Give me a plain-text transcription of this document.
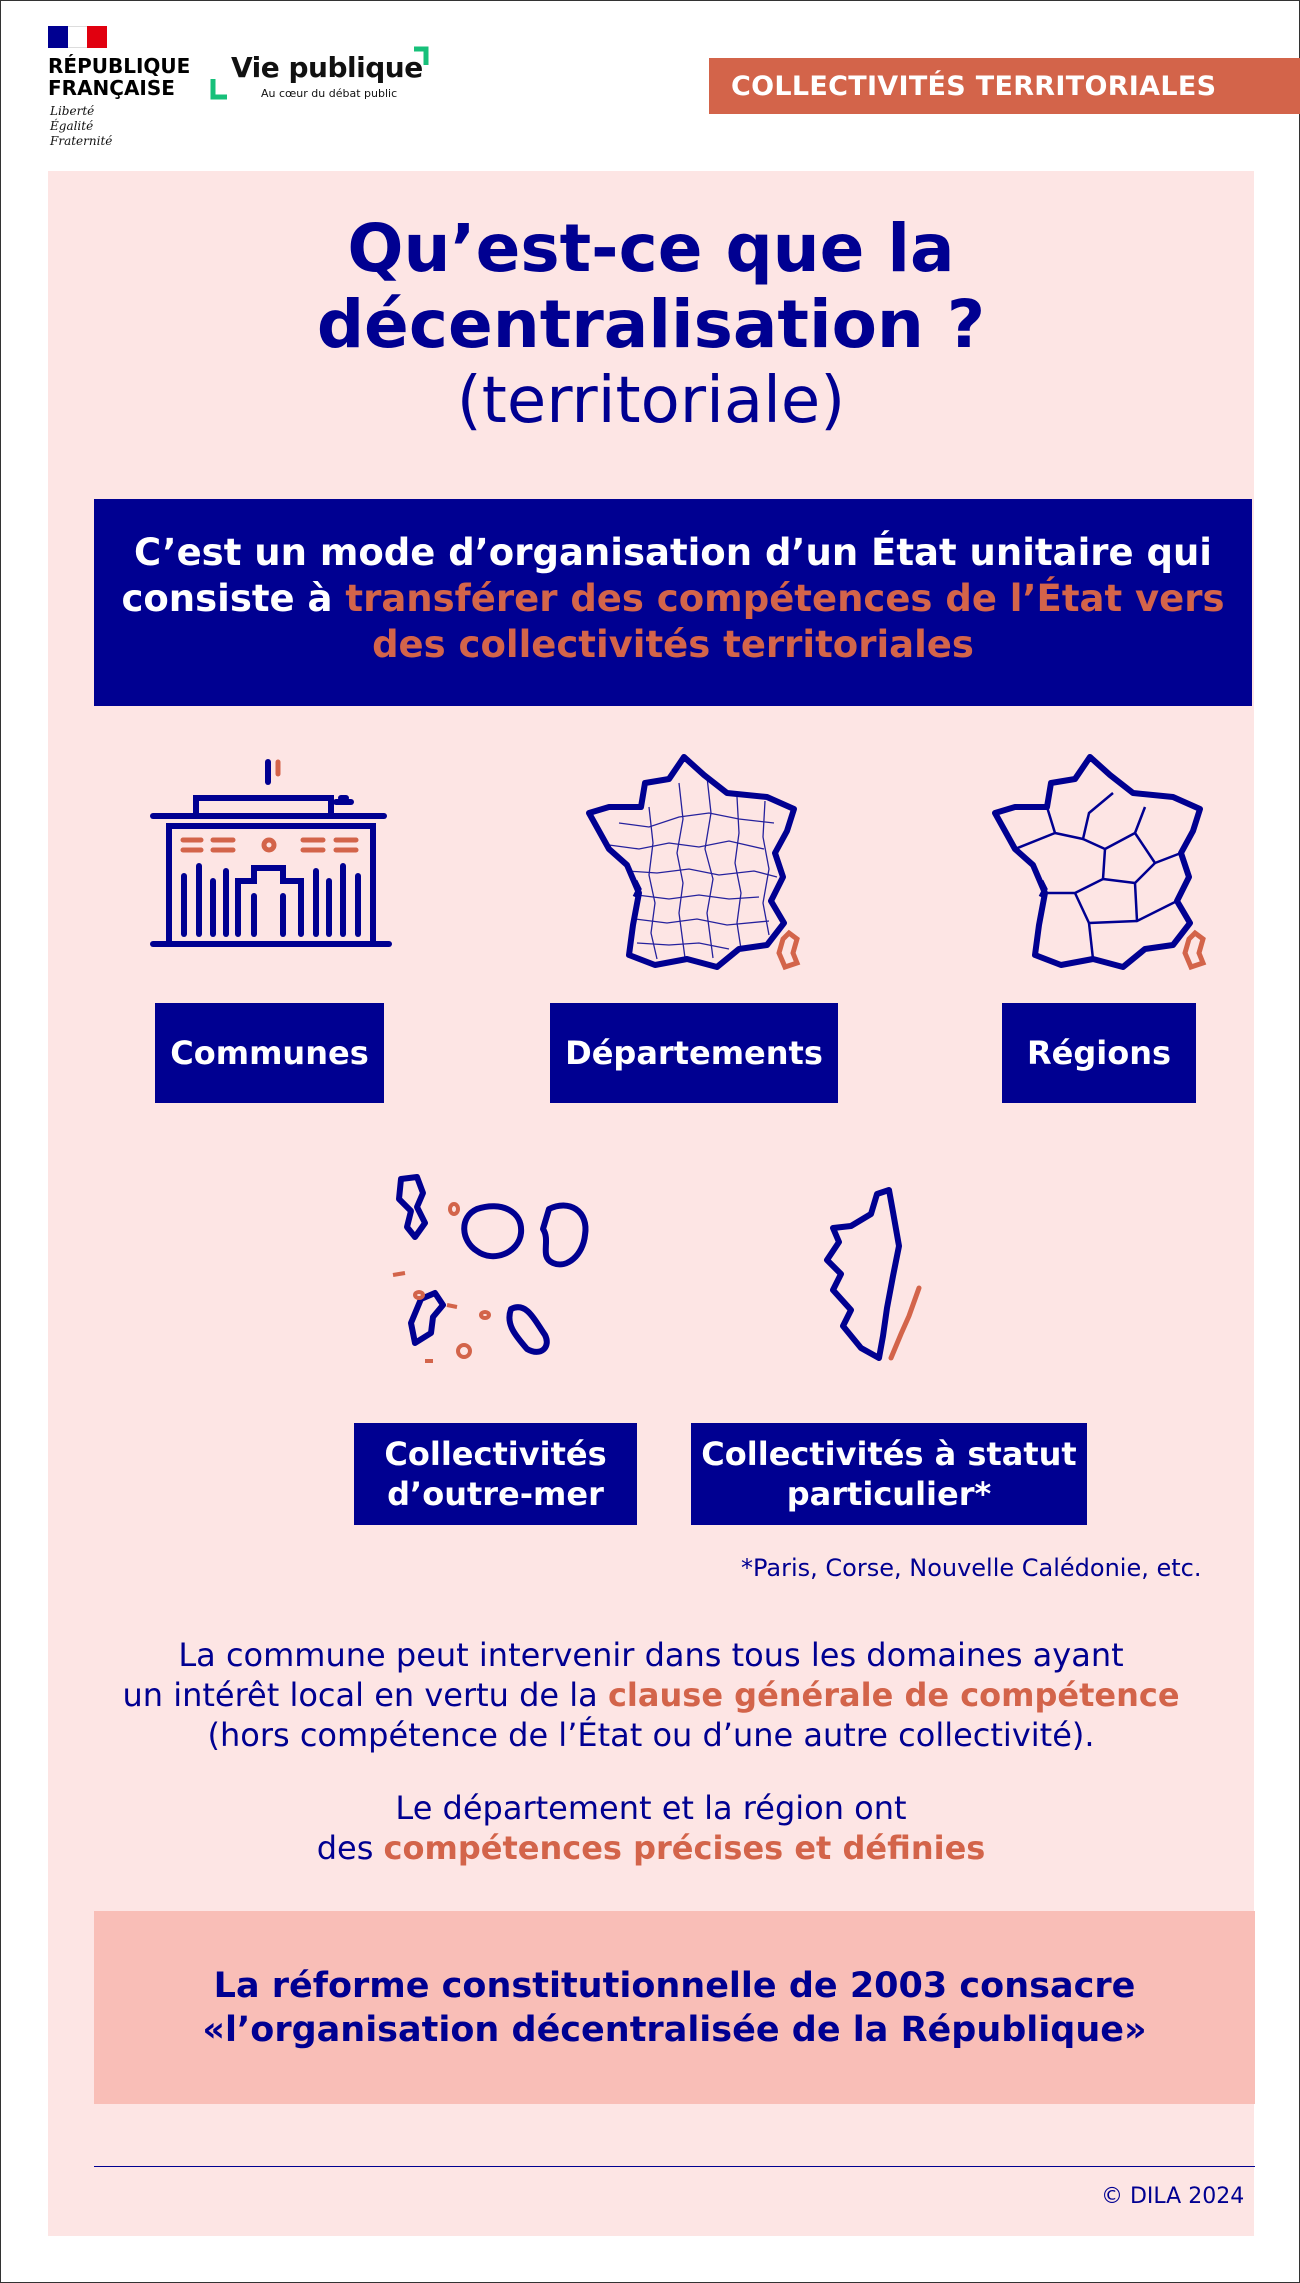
RÉPUBLIQUE
FRANÇAISE
Liberté
Égalité
Fraternité
Vie publique
Au cœur du débat public	COLLECTIVITÉS TERRITORIALES
Qu’est-ce que la
décentralisation ?
(territoriale)
C’est un mode d’organisation d’un État unitaire qui consiste à transférer des compétences de l’État vers des collectivités territoriales
Communes	Départements	Régions
Collectivités
d’outre-mer
Collectivités à statut
particulier*
*Paris, Corse, Nouvelle Calédonie, etc.
La commune peut intervenir dans tous les domaines ayant
un intérêt local en vertu de la clause générale de compétence
(hors compétence de l’État ou d’une autre collectivité).
Le département et la région ont
des compétences précises et définies
La réforme constitutionnelle de 2003 consacre
«l’organisation décentralisée de la République»
© DILA 2024
